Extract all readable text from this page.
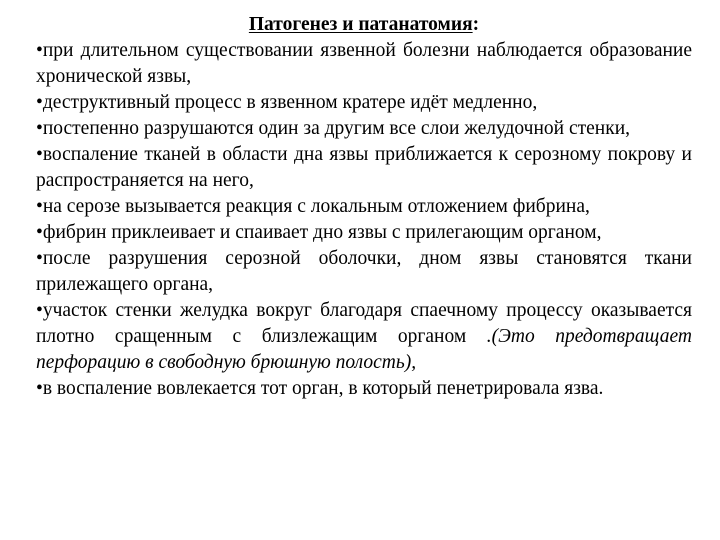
Патогенез и патанатомия:

•при длительном существовании язвенной болезни наблюдается образование хронической язвы,
•деструктивный процесс в язвенном кратере идёт медленно,
•постепенно разрушаются один за другим все слои желудочной стенки,
•воспаление тканей в области дна язвы приближается к серозному покрову и распространяется на него,
•на серозе вызывается реакция с локальным отложением фибрина,
•фибрин приклеивает и спаивает дно язвы с прилегающим органом,
•после разрушения серозной оболочки, дном язвы становятся ткани прилежащего органа,
•участок стенки желудка вокруг благодаря спаечному процессу оказывается плотно сращенным с близлежащим органом .(Это предотвращает перфорацию в свободную брюшную полость),
•в воспаление вовлекается тот орган, в который пенетрировала язва.
